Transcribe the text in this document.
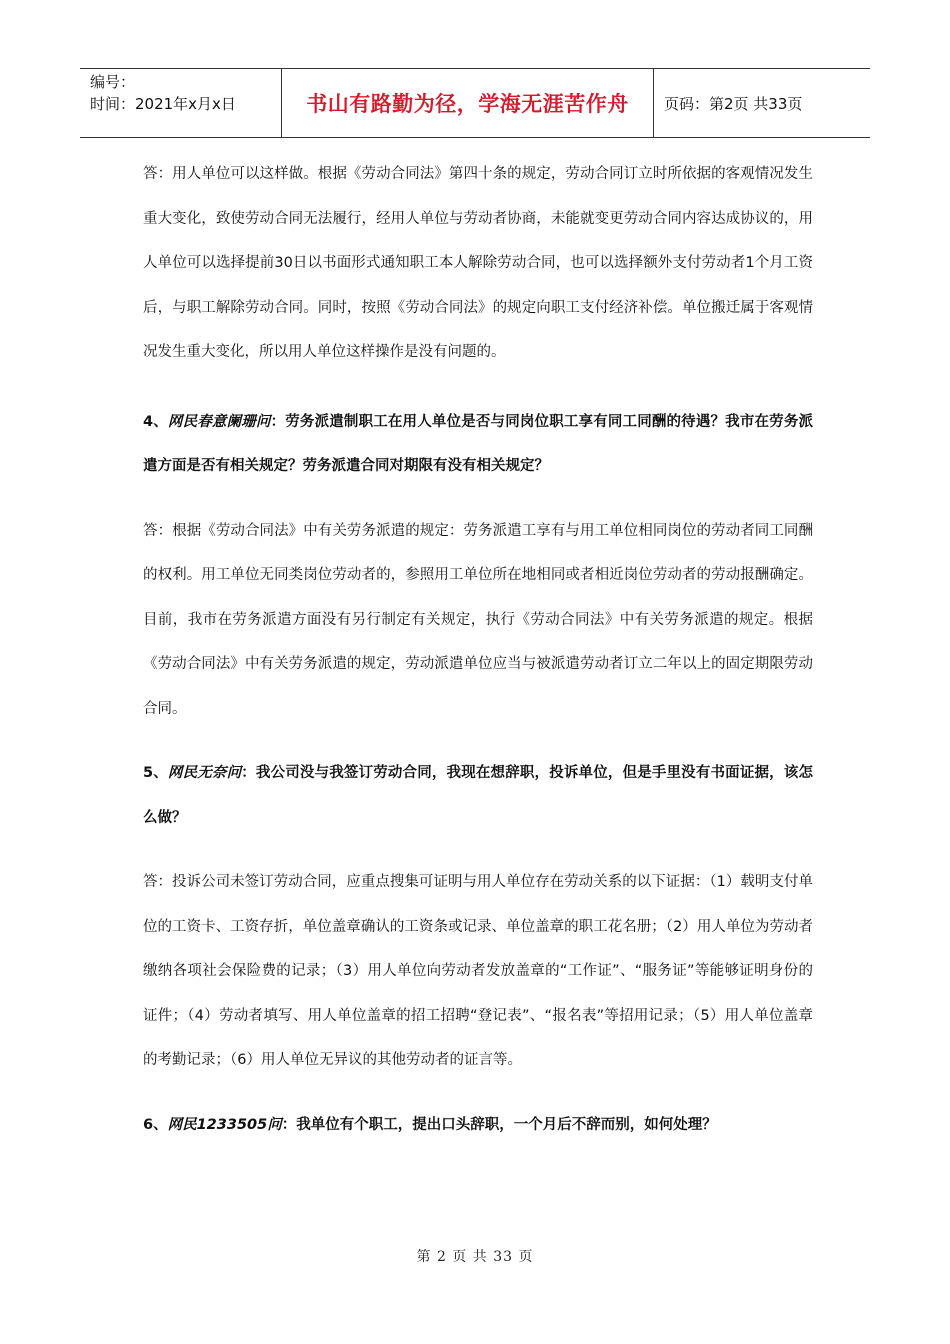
编号：
时间：2021年x月x日	书山有路勤为径，学海无涯苦作舟	页码：第2页 共33页

答：用人单位可以这样做。根据《劳动合同法》第四十条的规定，劳动合同订立时所依据的客观情况发生重大变化，致使劳动合同无法履行，经用人单位与劳动者协商，未能就变更劳动合同内容达成协议的，用人单位可以选择提前30日以书面形式通知职工本人解除劳动合同，也可以选择额外支付劳动者1个月工资后，与职工解除劳动合同。同时，按照《劳动合同法》的规定向职工支付经济补偿。单位搬迁属于客观情况发生重大变化，所以用人单位这样操作是没有问题的。

4、网民春意阑珊问：劳务派遣制职工在用人单位是否与同岗位职工享有同工同酬的待遇？我市在劳务派遣方面是否有相关规定？劳务派遣合同对期限有没有相关规定？

答：根据《劳动合同法》中有关劳务派遣的规定：劳务派遣工享有与用工单位相同岗位的劳动者同工同酬的权利。用工单位无同类岗位劳动者的，参照用工单位所在地相同或者相近岗位劳动者的劳动报酬确定。目前，我市在劳务派遣方面没有另行制定有关规定，执行《劳动合同法》中有关劳务派遣的规定。根据《劳动合同法》中有关劳务派遣的规定，劳动派遣单位应当与被派遣劳动者订立二年以上的固定期限劳动合同。

5、网民无奈问：我公司没与我签订劳动合同，我现在想辞职，投诉单位，但是手里没有书面证据，该怎么做？

答：投诉公司未签订劳动合同，应重点搜集可证明与用人单位存在劳动关系的以下证据：（1）载明支付单位的工资卡、工资存折，单位盖章确认的工资条或记录、单位盖章的职工花名册；（2）用人单位为劳动者缴纳各项社会保险费的记录；（3）用人单位向劳动者发放盖章的“工作证”、“服务证”等能够证明身份的证件；（4）劳动者填写、用人单位盖章的招工招聘“登记表”、“报名表”等招用记录；（5）用人单位盖章的考勤记录；（6）用人单位无异议的其他劳动者的证言等。

6、网民1233505问：我单位有个职工，提出口头辞职，一个月后不辞而别，如何处理？

第 2 页 共 33 页
